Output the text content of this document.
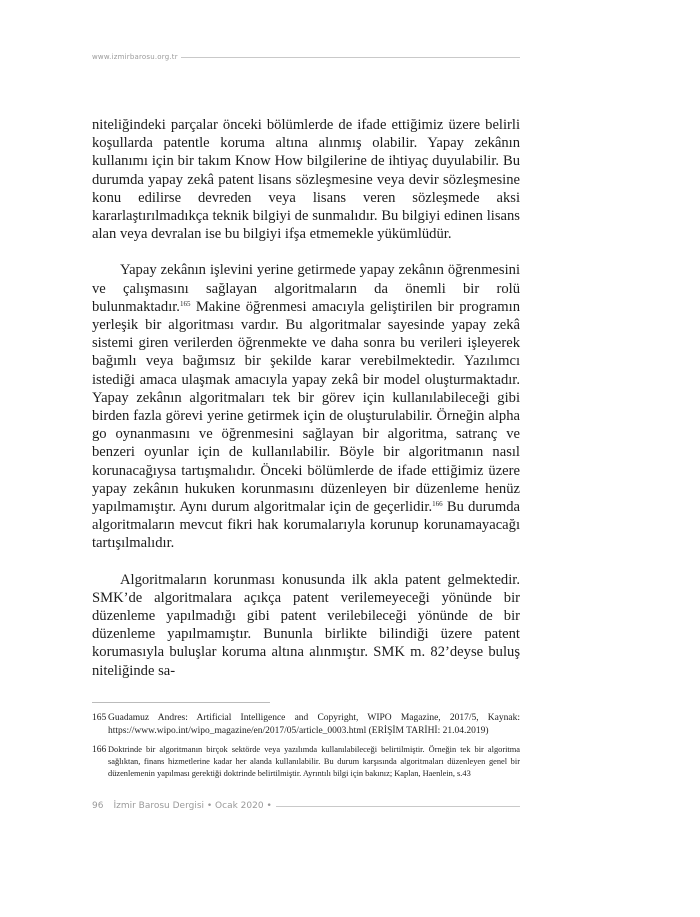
www.izmirbarosu.org.tr

niteliğindeki parçalar önceki bölümlerde de ifade ettiğimiz üzere belirli koşullarda patentle koruma altına alınmış olabilir. Yapay zekânın kullanımı için bir takım Know How bilgilerine de ihtiyaç duyulabilir. Bu durumda yapay zekâ patent lisans sözleşmesine veya devir sözleşmesine konu edilirse devreden veya lisans veren sözleşmede aksi kararlaştırılmadıkça teknik bilgiyi de sunmalıdır. Bu bilgiyi edinen lisans alan veya devralan ise bu bilgiyi ifşa etmemekle yükümlüdür.

Yapay zekânın işlevini yerine getirmede yapay zekânın öğrenmesini ve çalışmasını sağlayan algoritmaların da önemli bir rolü bulunmaktadır.$^{165}$ Makine öğrenmesi amacıyla geliştirilen bir programın yerleşik bir algoritması vardır. Bu algoritmalar sayesinde yapay zekâ sistemi giren verilerden öğrenmekte ve daha sonra bu verileri işleyerek bağımlı veya bağımsız bir şekilde karar verebilmektedir. Yazılımcı istediği amaca ulaşmak amacıyla yapay zekâ bir model oluşturmaktadır. Yapay zekânın algoritmaları tek bir görev için kullanılabileceği gibi birden fazla görevi yerine getirmek için de oluşturulabilir. Örneğin alpha go oynanmasını ve öğrenmesini sağlayan bir algoritma, satranç ve benzeri oyunlar için de kullanılabilir. Böyle bir algoritmanın nasıl korunacağıysa tartışmalıdır. Önceki bölümlerde de ifade ettiğimiz üzere yapay zekânın hukuken korunmasını düzenleyen bir düzenleme henüz yapılmamıştır. Aynı durum algoritmalar için de geçerlidir.$^{166}$ Bu durumda algoritmaların mevcut fikri hak korumalarıyla korunup korunamayacağı tartışılmalıdır.

Algoritmaların korunması konusunda ilk akla patent gelmektedir. SMK’de algoritmalara açıkça patent verilemeyeceği yönünde bir düzenleme yapılmadığı gibi patent verilebileceği yönünde de bir düzenleme yapılmamıştır. Bununla birlikte bilindiği üzere patent korumasıyla buluşlar koruma altına alınmıştır. SMK m. 82’deyse buluş niteliğinde sa-

165 Guadamuz Andres: Artificial Intelligence and Copyright, WIPO Magazine, 2017/5, Kaynak: https://www.wipo.int/wipo_magazine/en/2017/05/article_0003.html (ERİŞİM TARİHİ: 21.04.2019)
166 Doktrinde bir algoritmanın birçok sektörde veya yazılımda kullanılabileceği belirtilmiştir. Örneğin tek bir algoritma sağlıktan, finans hizmetlerine kadar her alanda kullanılabilir. Bu durum karşısında algoritmaları düzenleyen genel bir düzenlemenin yapılması gerektiği doktrinde belirtilmiştir. Ayrıntılı bilgi için bakınız; Kaplan, Haenlein, s.43
96 İzmir Barosu Dergisi • Ocak 2020 •
